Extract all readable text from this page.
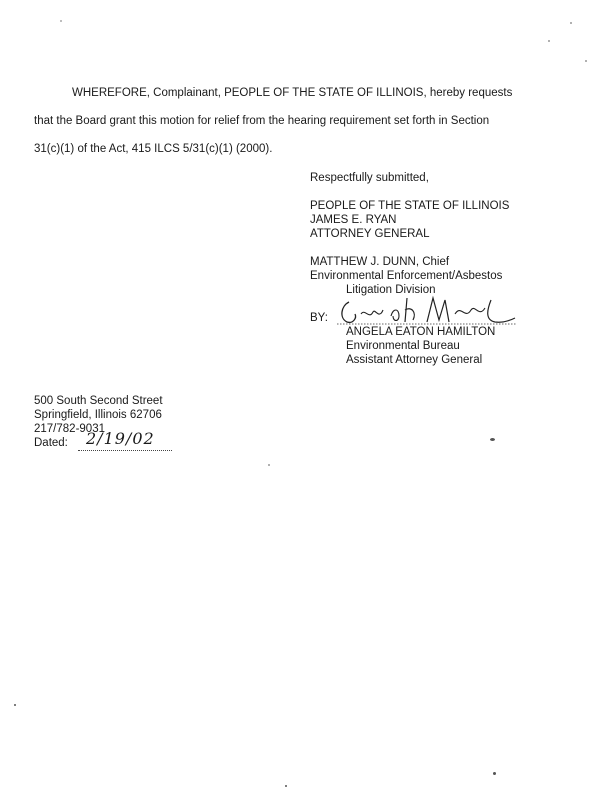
WHEREFORE, Complainant, PEOPLE OF THE STATE OF ILLINOIS, hereby requests
that the Board grant this motion for relief from the hearing requirement set forth in Section
31(c)(1) of the Act, 415 ILCS 5/31(c)(1) (2000).
Respectfully submitted,
PEOPLE OF THE STATE OF ILLINOIS
JAMES E. RYAN
ATTORNEY GENERAL
MATTHEW J. DUNN, Chief
Environmental Enforcement/Asbestos
Litigation Division
BY:
ANGELA EATON HAMILTON
Environmental Bureau
Assistant Attorney General
500 South Second Street
Springfield, Illinois 62706
217/782-9031
Dated: 2/19/02
